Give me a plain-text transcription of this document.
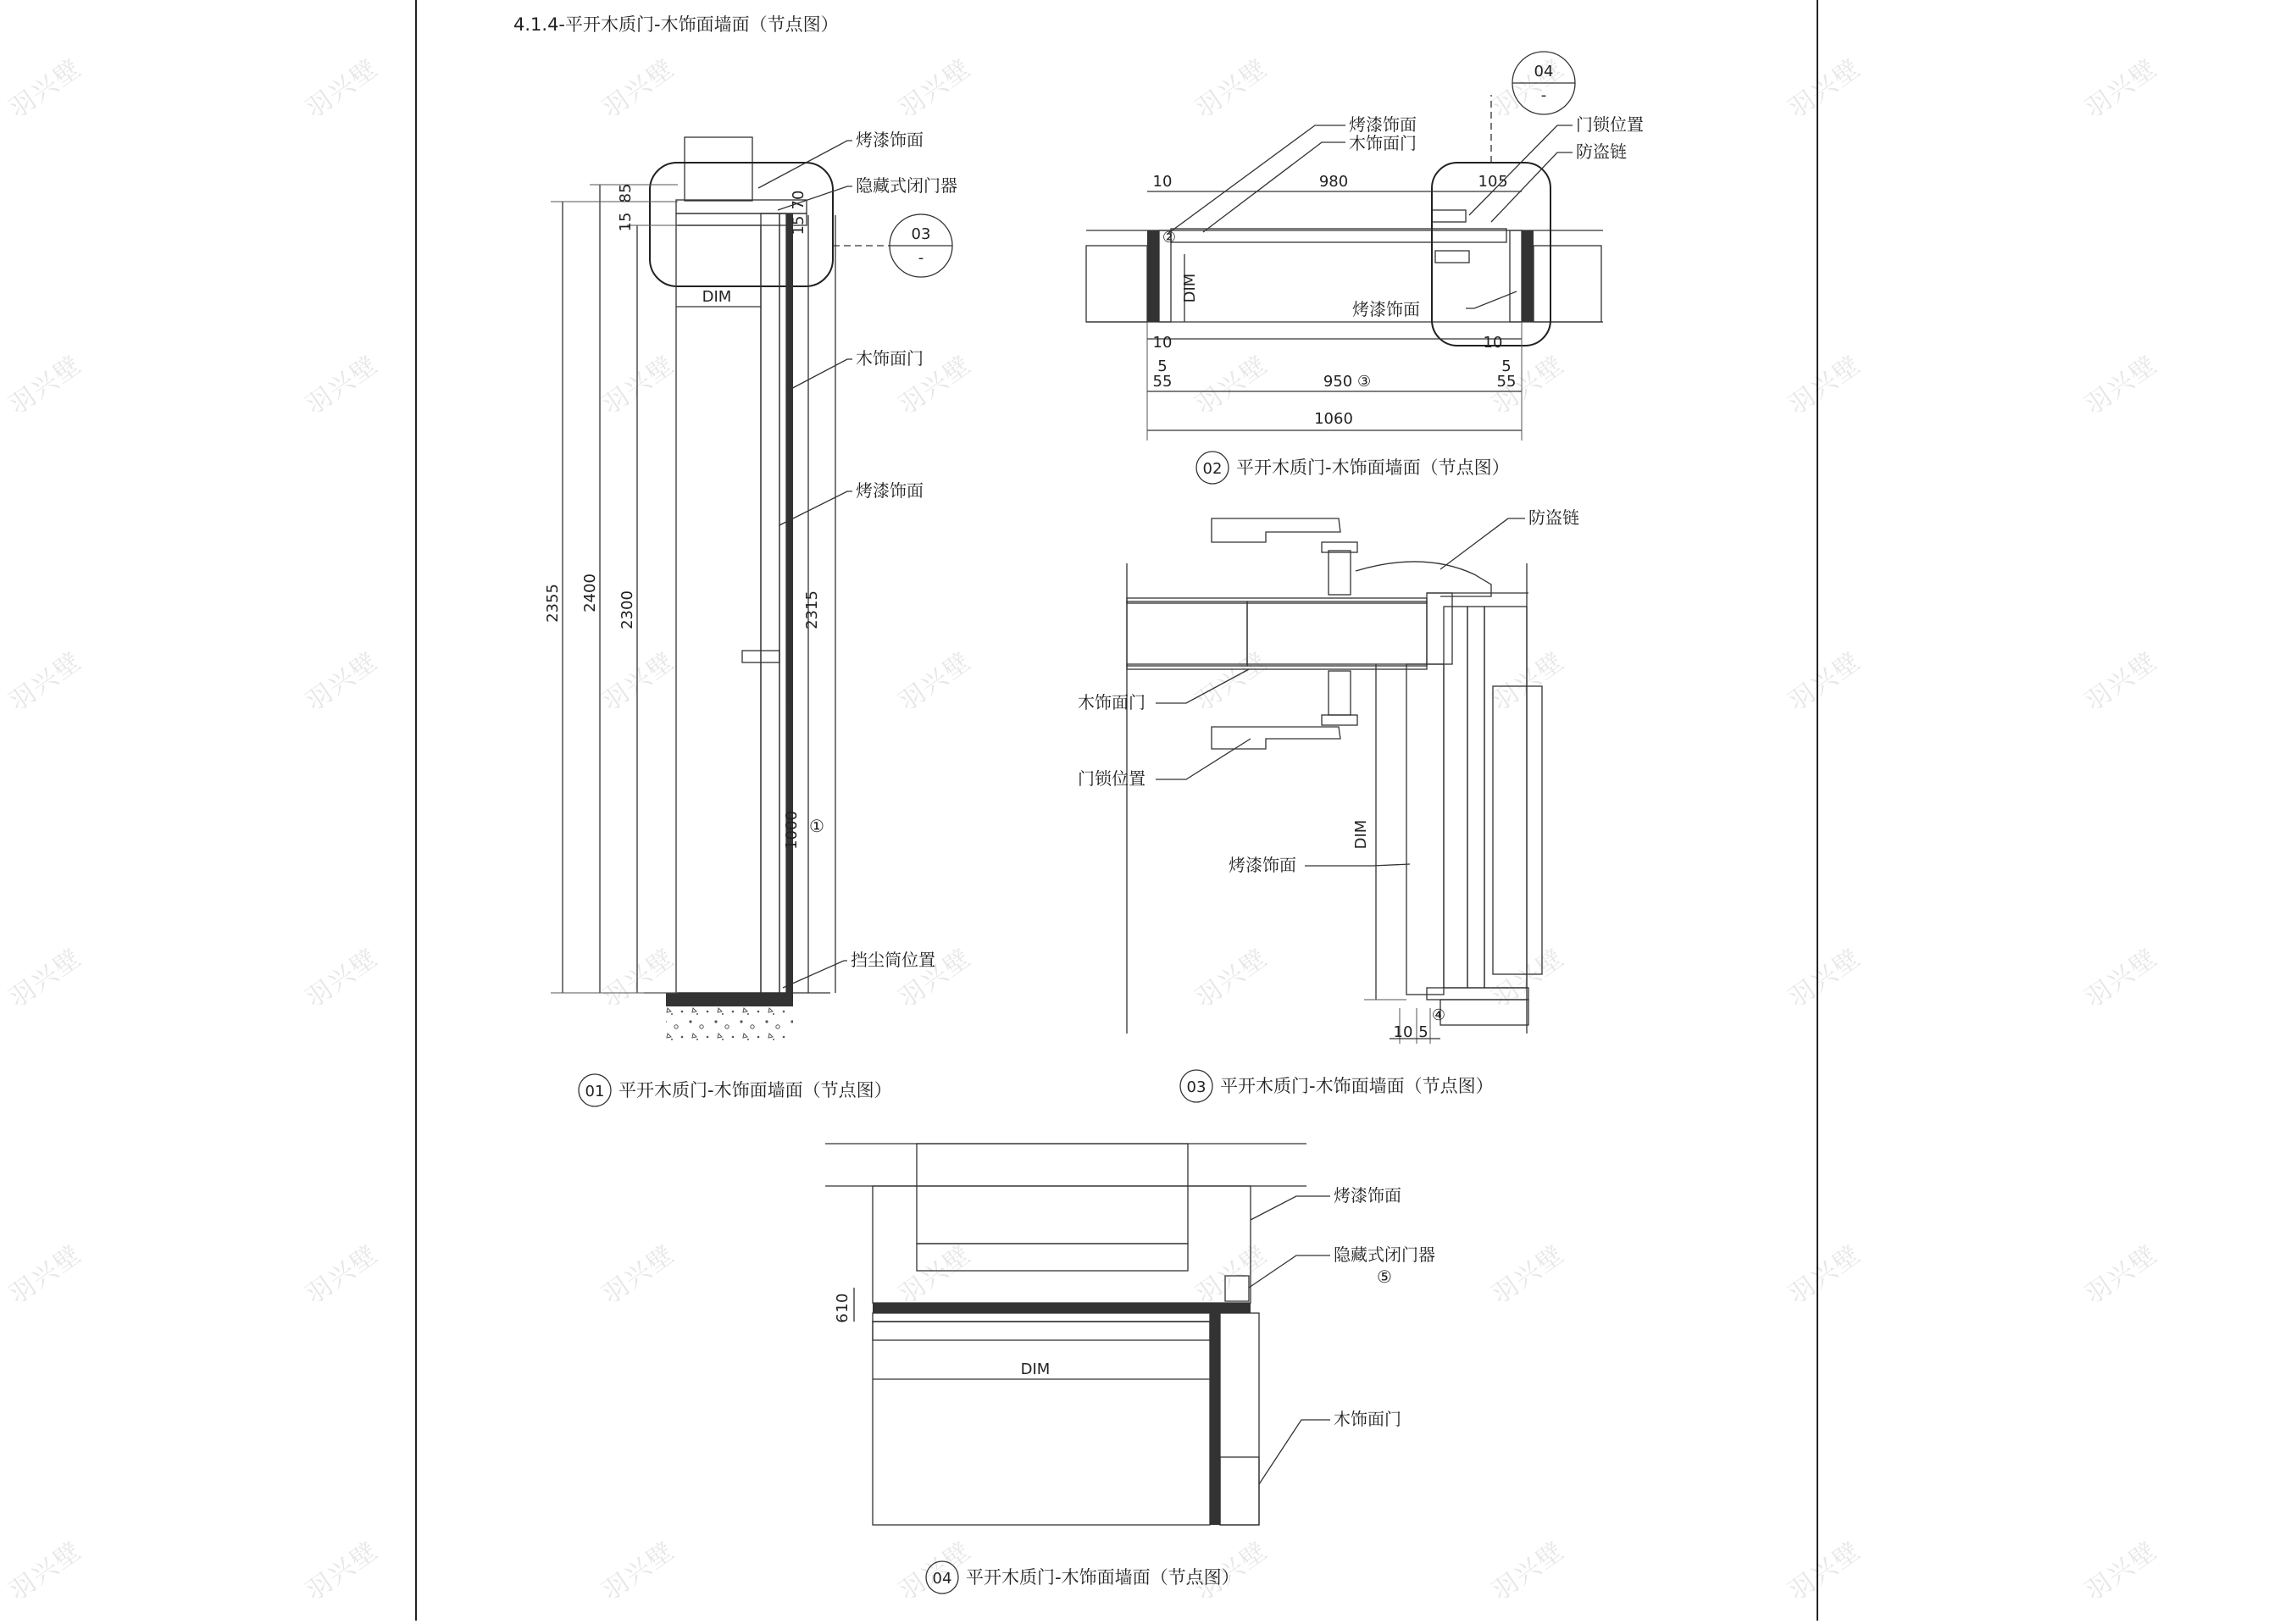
4.1.4-平开木质门-木饰面墙面（节点图）
2355 2400 2300
85
15	15
70
DIM
2315
1000 ①
03
-
烤漆饰面
隐藏式闭门器
木饰面门
烤漆饰面
挡尘筒位置
01 平开木质门-木饰面墙面（节点图）
10	980	10 5
DIM
②
10	10
55	950 ③	55
5	5
1060
04
-
烤漆饰面
木饰面门
门锁位置
防盗链
烤漆饰面
02 平开木质门-木饰面墙面（节点图）
DIM
④
10 5
防盗链
木饰面门
门锁位置
烤漆饰面
03 平开木质门-木饰面墙面（节点图）
10
6
DIM
烤漆饰面
隐藏式闭门器
⑤
木饰面门
04 平开木质门-木饰面墙面（节点图）
